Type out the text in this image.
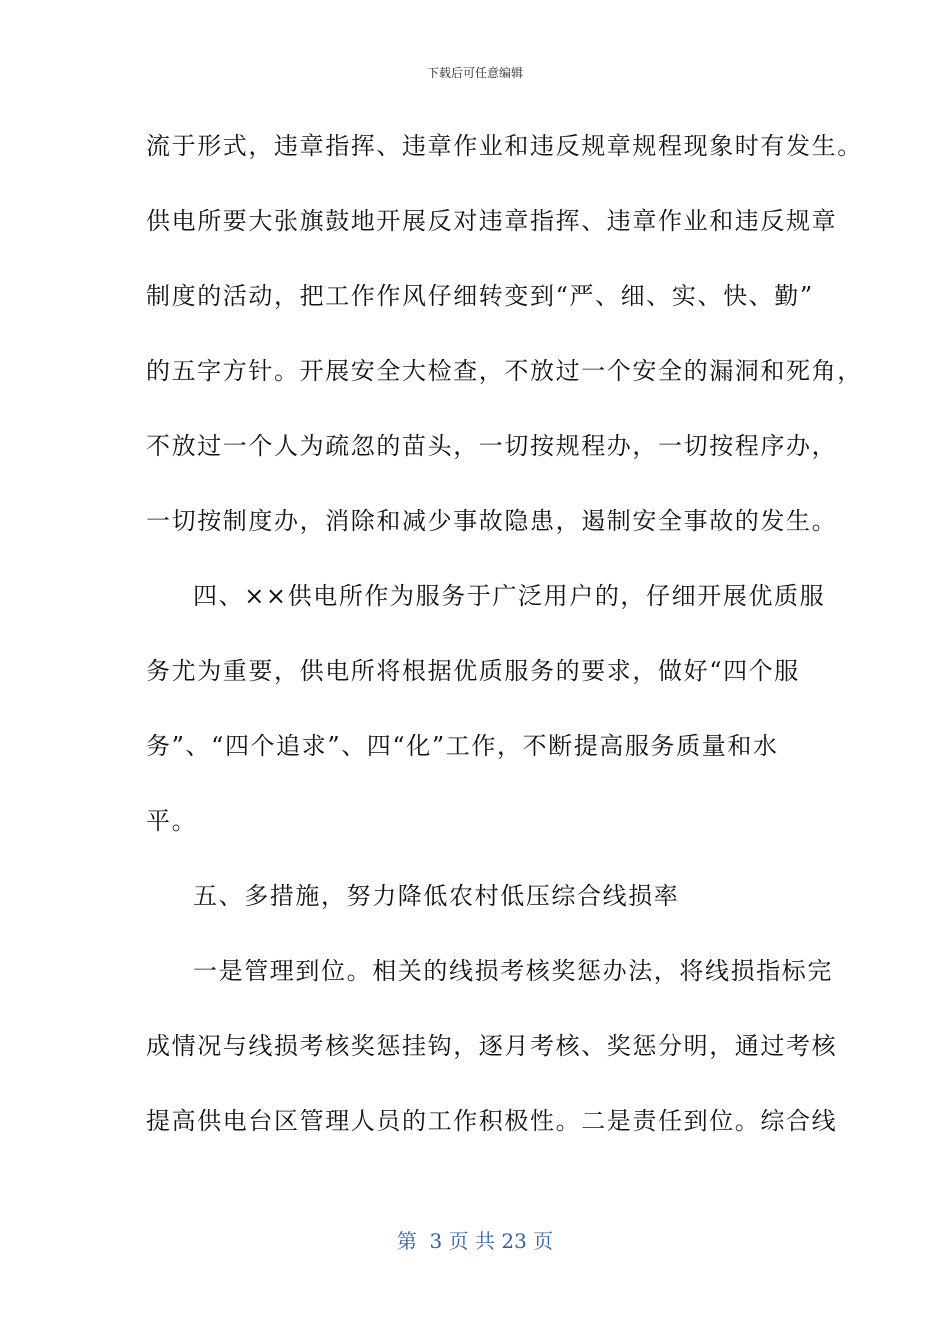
下载后可任意编辑
流于形式，违章指挥、违章作业和违反规章规程现象时有发生。
供电所要大张旗鼓地开展反对违章指挥、违章作业和违反规章
制度的活动，把工作作风仔细转变到“严、细、实、快、勤”
的五字方针。开展安全大检查，不放过一个安全的漏洞和死角，
不放过一个人为疏忽的苗头，一切按规程办，一切按程序办，
一切按制度办，消除和减少事故隐患，遏制安全事故的发生。
四、××供电所作为服务于广泛用户的，仔细开展优质服
务尤为重要，供电所将根据优质服务的要求，做好“四个服
务”、“四个追求”、四“化”工作，不断提高服务质量和水
平。
五、多措施，努力降低农村低压综合线损率
一是管理到位。相关的线损考核奖惩办法，将线损指标完
成情况与线损考核奖惩挂钩，逐月考核、奖惩分明，通过考核
提高供电台区管理人员的工作积极性。二是责任到位。综合线
第  3 页 共 23 页
